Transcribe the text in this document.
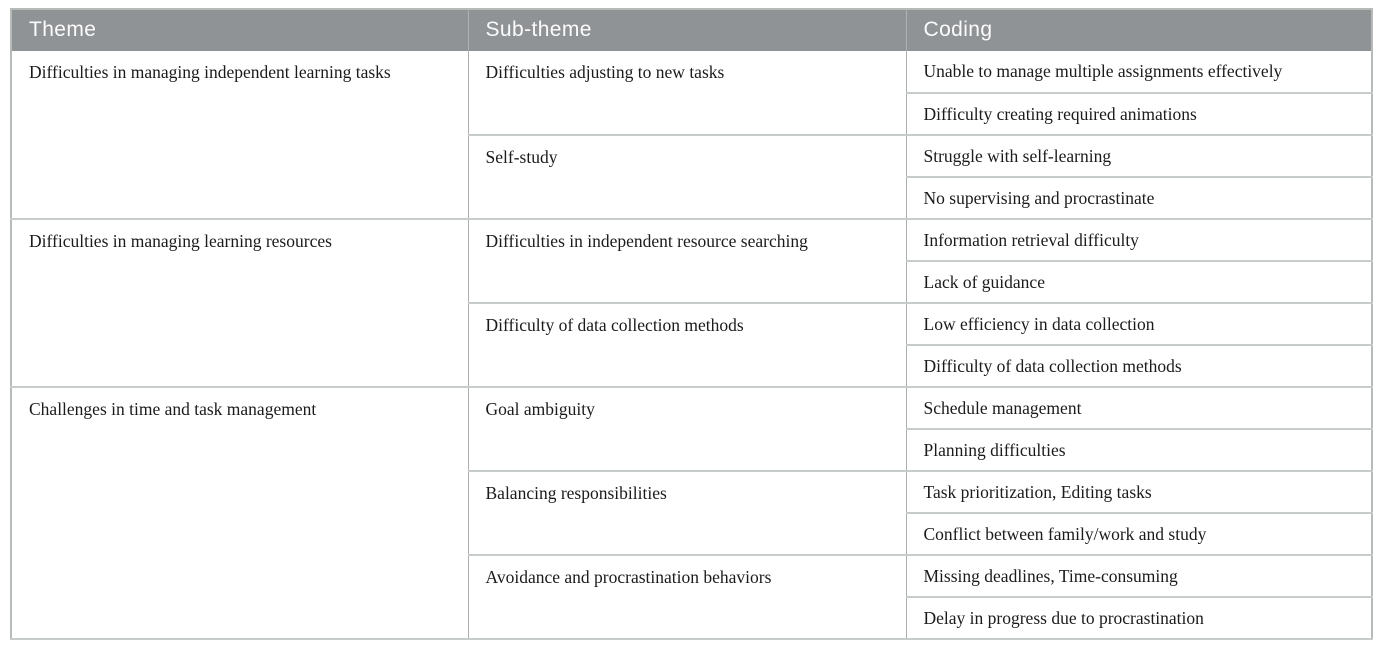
Theme	Sub-theme	Coding
Difficulties in managing independent learning tasks	Difficulties adjusting to new tasks	Unable to manage multiple assignments effectively
		Difficulty creating required animations
	Self-study	Struggle with self-learning
		No supervising and procrastinate
Difficulties in managing learning resources	Difficulties in independent resource searching	Information retrieval difficulty
		Lack of guidance
	Difficulty of data collection methods	Low efficiency in data collection
		Difficulty of data collection methods
Challenges in time and task management	Goal ambiguity	Schedule management
		Planning difficulties
	Balancing responsibilities	Task prioritization, Editing tasks
		Conflict between family/work and study
	Avoidance and procrastination behaviors	Missing deadlines, Time-consuming
		Delay in progress due to procrastination
